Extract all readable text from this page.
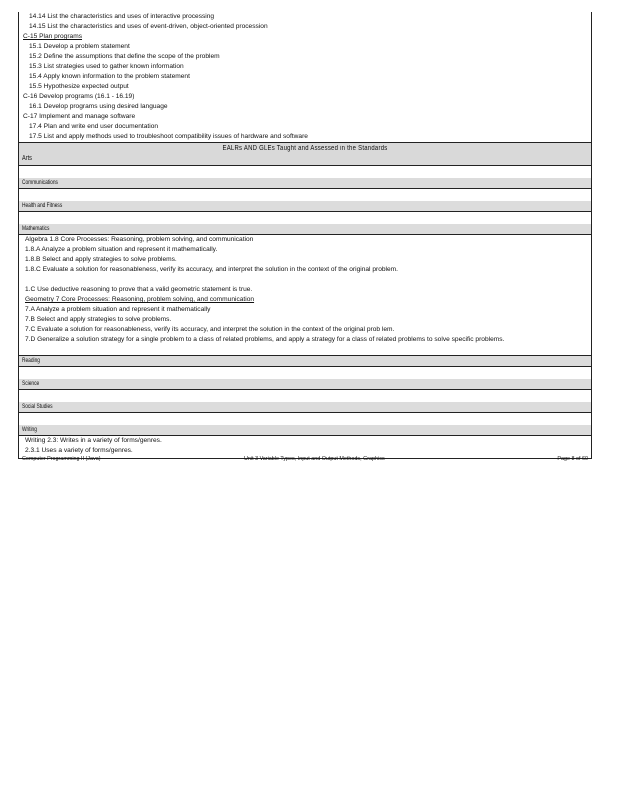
14.14 List the characteristics and uses of interactive processing
14.15 List the characteristics and uses of event-driven, object-oriented procession
C-15 Plan programs
15.1 Develop a problem statement
15.2 Define the assumptions that define the scope of the problem
15.3 List strategies used to gather known information
15.4 Apply known information to the problem statement
15.5 Hypothesize expected output
C-16 Develop programs (16.1 - 16.19)
16.1 Develop programs using desired language
C-17 Implement and manage software
17.4 Plan and write end user documentation
17.5 List and apply methods used to troubleshoot compatibility issues of hardware and software
EALRs AND GLEs Taught and Assessed in the Standards
Arts
Communications
Health and Fitness
Mathematics
Algebra 1.8 Core Processes: Reasoning, problem solving, and communication
1.8.A Analyze a problem situation and represent it mathematically.
1.8.B Select and apply strategies to solve problems.
1.8.C Evaluate a solution for reasonableness, verify its accuracy, and interpret the solution in the context of the original problem.

1.C Use deductive reasoning to prove that a valid geometric statement is true.
Geometry 7 Core Processes: Reasoning, problem solving, and communication
7.A Analyze a problem situation and represent it mathematically
7.B Select and apply strategies to solve problems.
7.C Evaluate a solution for reasonableness, verify its accuracy, and interpret the solution in the context of the original prob lem.
7.D Generalize a solution strategy for a single problem to a class of related problems, and apply a strategy for a class of related problems to solve specific problems.
Reading
Science
Social Studies
Writing
Writing 2.3: Writes in a variety of forms/genres.
2.3.1 Uses a variety of forms/genres.
Computer Programming II (Java)	Unit 3 Variable Types, Input and Output Methods, Graphics	Page 8 of 60
